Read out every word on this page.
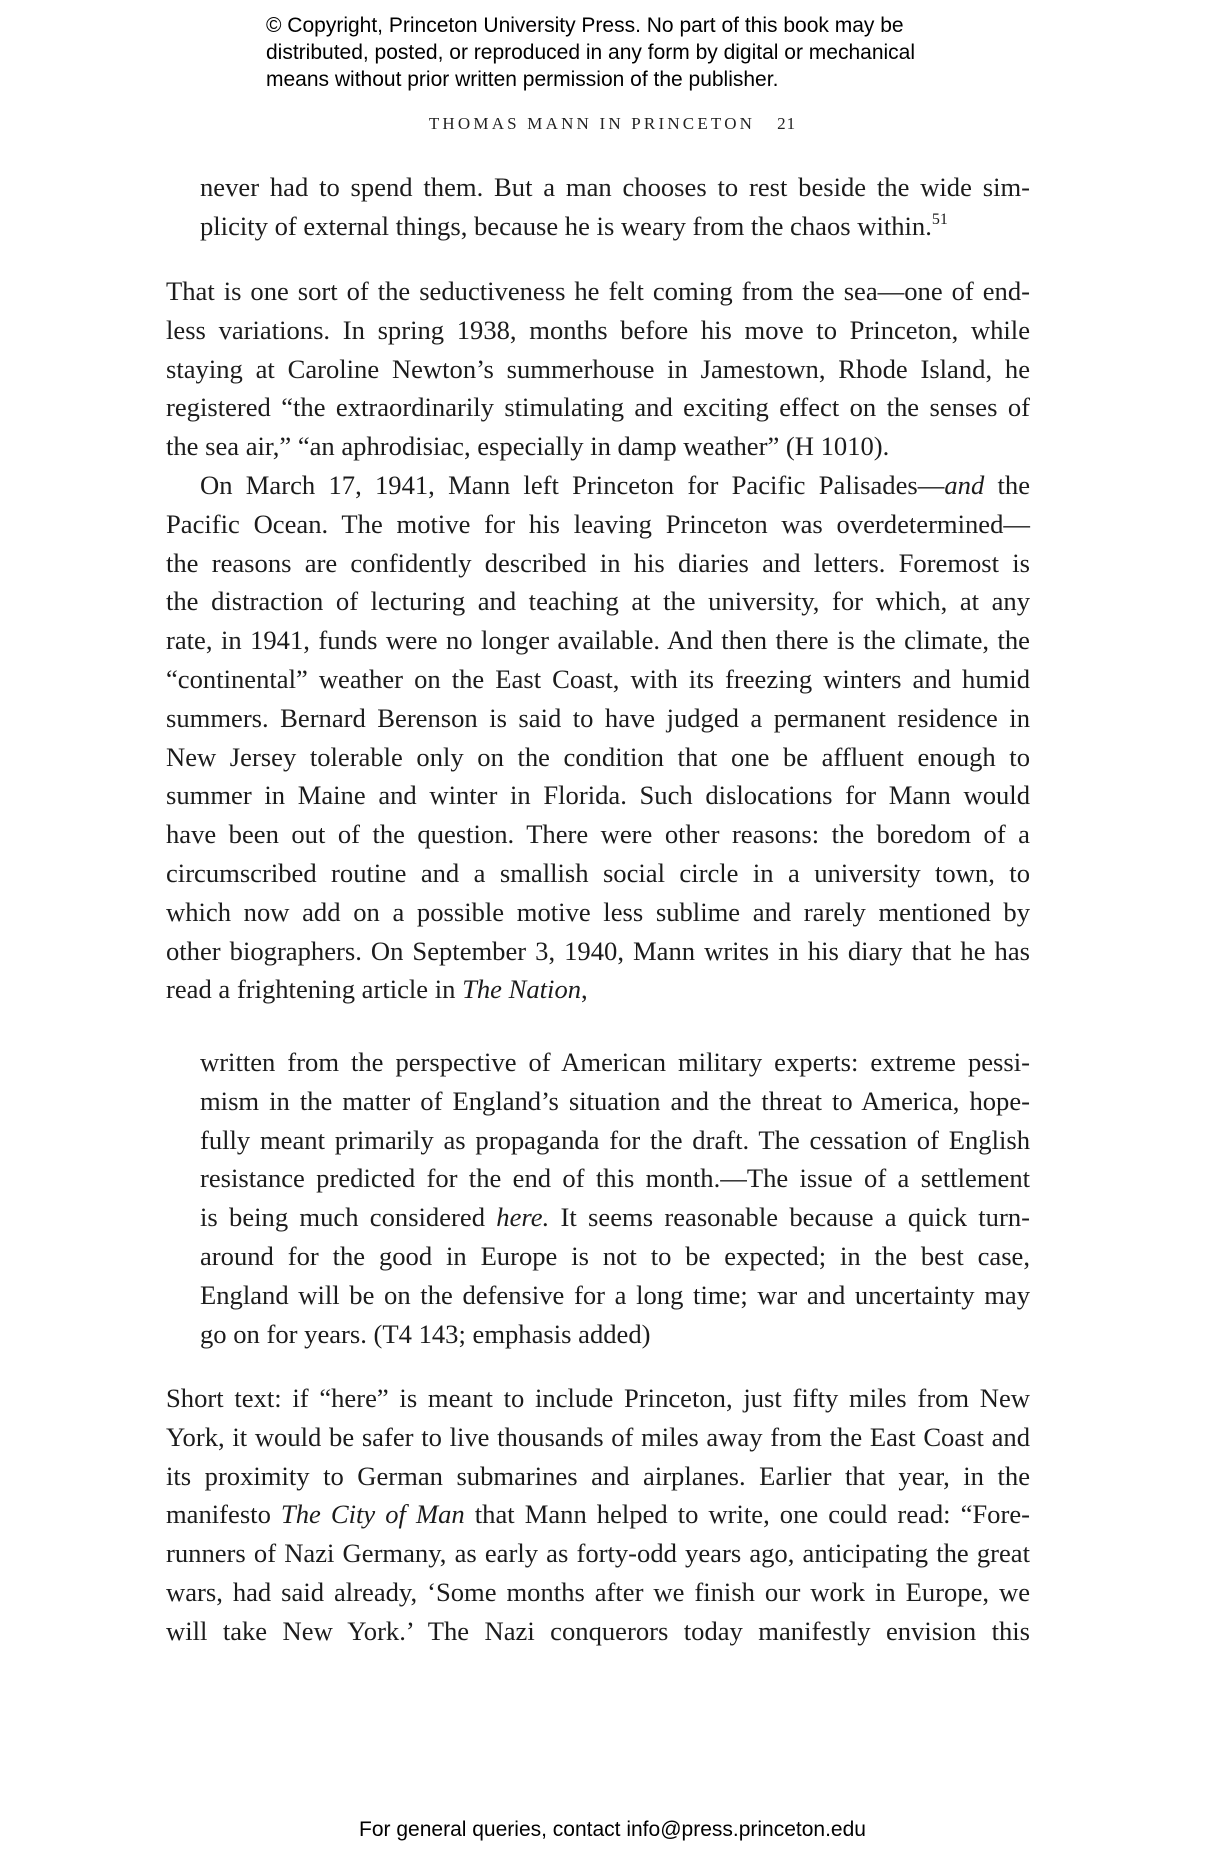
© Copyright, Princeton University Press. No part of this book may be
distributed, posted, or reproduced in any form by digital or mechanical
means without prior written permission of the publisher.
THOMAS MANN IN PRINCETON 21
never had to spend them. But a man chooses to rest beside the wide sim-
plicity of external things, because he is weary from the chaos within.$^{51}$
That is one sort of the seductiveness he felt coming from the sea—one of end-
less variations. In spring 1938, months before his move to Princeton, while
staying at Caroline Newton’s summerhouse in Jamestown, Rhode Island, he
registered “the extraordinarily stimulating and exciting effect on the senses of
the sea air,” “an aphrodisiac, especially in damp weather” (H 1010).
On March 17, 1941, Mann left Princeton for Pacific Palisades—and the
Pacific Ocean. The motive for his leaving Princeton was overdetermined—
the reasons are confidently described in his diaries and letters. Foremost is
the distraction of lecturing and teaching at the university, for which, at any
rate, in 1941, funds were no longer available. And then there is the climate, the
“continental” weather on the East Coast, with its freezing winters and humid
summers. Bernard Berenson is said to have judged a permanent residence in
New Jersey tolerable only on the condition that one be affluent enough to
summer in Maine and winter in Florida. Such dislocations for Mann would
have been out of the question. There were other reasons: the boredom of a
circumscribed routine and a smallish social circle in a university town, to
which now add on a possible motive less sublime and rarely mentioned by
other biographers. On September 3, 1940, Mann writes in his diary that he has
read a frightening article in The Nation,
written from the perspective of American military experts: extreme pessi-
mism in the matter of England’s situation and the threat to America, hope-
fully meant primarily as propaganda for the draft. The cessation of English
resistance predicted for the end of this month.—The issue of a settlement
is being much considered here. It seems reasonable because a quick turn-
around for the good in Europe is not to be expected; in the best case,
England will be on the defensive for a long time; war and uncertainty may
go on for years. (T4 143; emphasis added)
Short text: if “here” is meant to include Princeton, just fifty miles from New
York, it would be safer to live thousands of miles away from the East Coast and
its proximity to German submarines and airplanes. Earlier that year, in the
manifesto The City of Man that Mann helped to write, one could read: “Fore-
runners of Nazi Germany, as early as forty-odd years ago, anticipating the great
wars, had said already, ‘Some months after we finish our work in Europe, we
will take New York.’ The Nazi conquerors today manifestly envision this
For general queries, contact info@press.princeton.edu
